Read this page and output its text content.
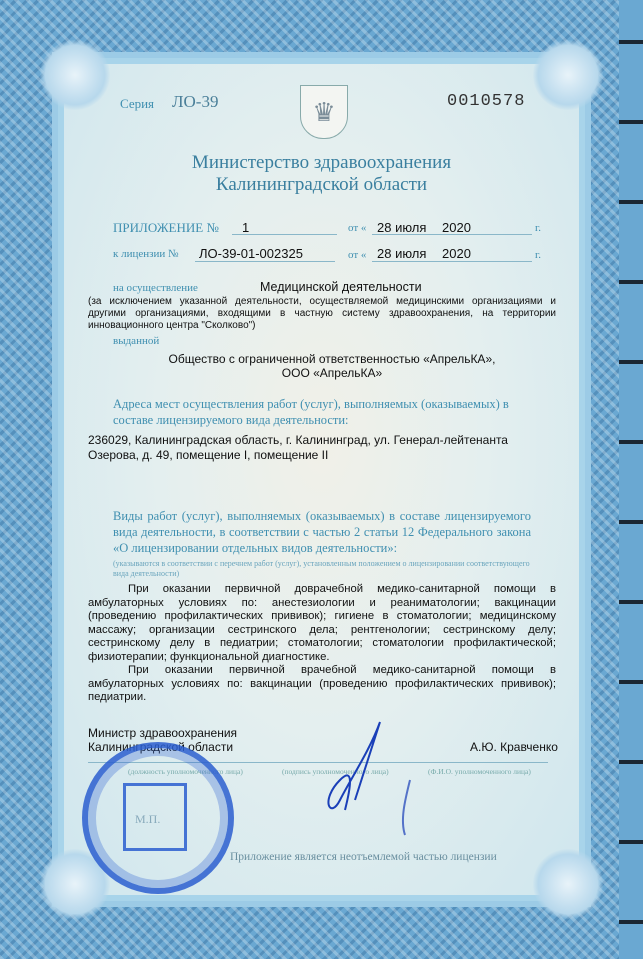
Серия ЛО-39	♛	0010578
Министерство здравоохранения
Калининградской области
ПРИЛОЖЕНИЕ № 1	от « 28 июля 2020	г.
к лицензии № ЛО-39-01-002325	от « 28 июля 2020	г.
на осуществление	Медицинской деятельности
(за исключением указанной деятельности, осуществляемой медицинскими организациями и другими организациями, входящими в частную систему здравоохранения, на территории инновационного центра "Сколково")
выданной
Общество с ограниченной ответственностью «АпрельКА»,
ООО «АпрельКА»
Адреса мест осуществления работ (услуг), выполняемых (оказываемых) в составе лицензируемого вида деятельности:
236029, Калининградская область, г. Калининград, ул. Генерал-лейтенанта Озерова, д. 49, помещение I, помещение II
Виды работ (услуг), выполняемых (оказываемых) в составе лицензируемого вида деятельности, в соответствии с частью 2 статьи 12 Федерального закона «О лицензировании отдельных видов деятельности»:
(указываются в соответствии с перечнем работ (услуг), установленным положением о лицензировании соответствующего вида деятельности)
При оказании первичной доврачебной медико-санитарной помощи в амбулаторных условиях по: анестезиологии и реаниматологии; вакцинации (проведению профилактических прививок); гигиене в стоматологии; медицинскому массажу; организации сестринского дела; рентгенологии; сестринскому делу; сестринскому делу в педиатрии; стоматологии; стоматологии профилактической; физиотерапии; функциональной диагностике.
При оказании первичной врачебной медико-санитарной помощи в амбулаторных условиях по: вакцинации (проведению профилактических прививок); педиатрии.
Министр здравоохранения
Калининградской области	А.Ю. Кравченко
(должность уполномоченного лица)	(подпись уполномоченного лица)	(Ф.И.О. уполномоченного лица)
М.П.
Приложение является неотъемлемой частью лицензии
